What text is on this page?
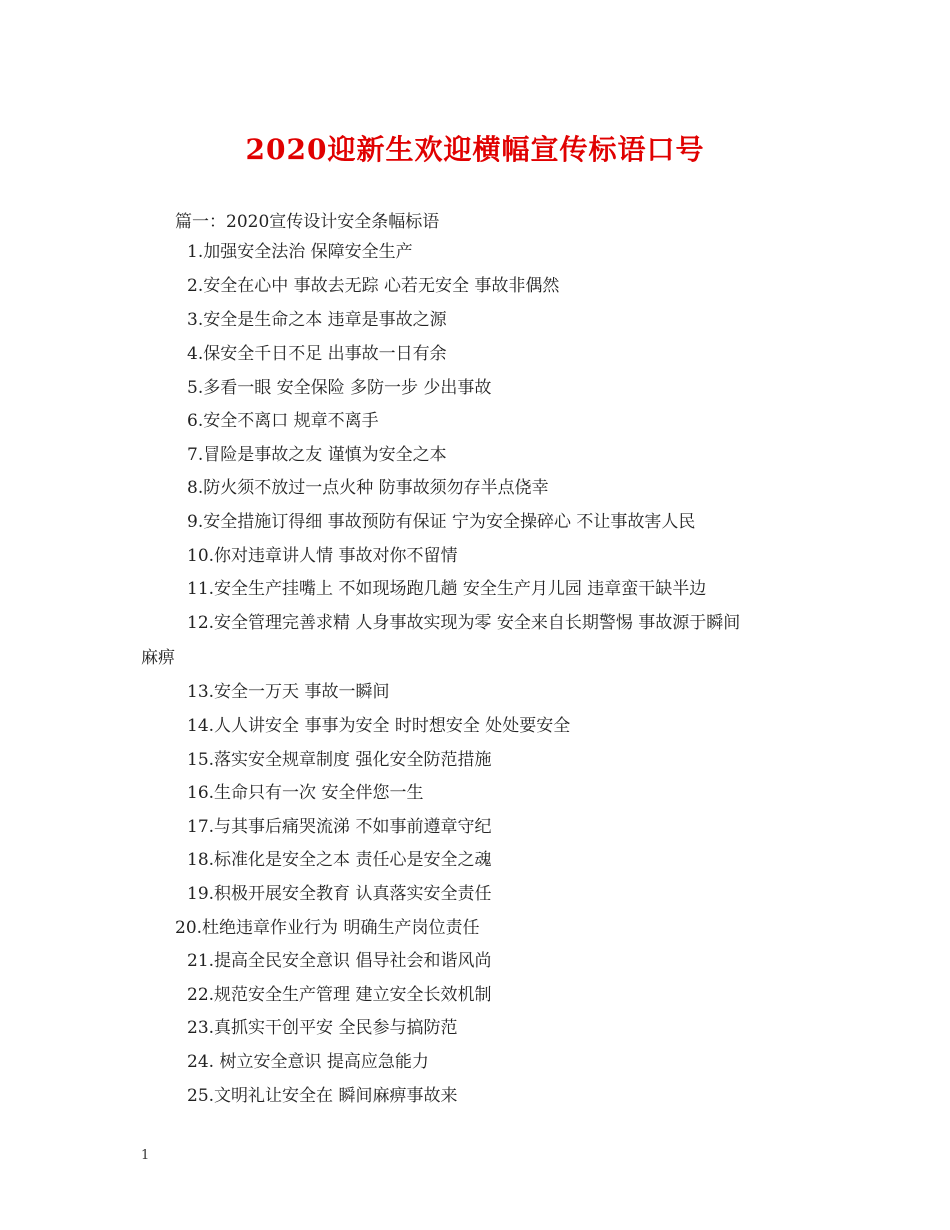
2020迎新生欢迎横幅宣传标语口号
篇一：2020宣传设计安全条幅标语
1.加强安全法治 保障安全生产
2.安全在心中 事故去无踪 心若无安全 事故非偶然
3.安全是生命之本 违章是事故之源
4.保安全千日不足 出事故一日有余
5.多看一眼 安全保险 多防一步 少出事故
6.安全不离口 规章不离手
7.冒险是事故之友 谨慎为安全之本
8.防火须不放过一点火种 防事故须勿存半点侥幸
9.安全措施订得细 事故预防有保证 宁为安全操碎心 不让事故害人民
10.你对违章讲人情 事故对你不留情
11.安全生产挂嘴上 不如现场跑几趟 安全生产月儿园 违章蛮干缺半边
12.安全管理完善求精 人身事故实现为零 安全来自长期警惕 事故源于瞬间
麻痹
13.安全一万天 事故一瞬间
14.人人讲安全 事事为安全 时时想安全 处处要安全
15.落实安全规章制度 强化安全防范措施
16.生命只有一次 安全伴您一生
17.与其事后痛哭流涕 不如事前遵章守纪
18.标准化是安全之本 责任心是安全之魂
19.积极开展安全教育 认真落实安全责任
20.杜绝违章作业行为 明确生产岗位责任
21.提高全民安全意识 倡导社会和谐风尚
22.规范安全生产管理 建立安全长效机制
23.真抓实干创平安 全民参与搞防范
24. 树立安全意识 提高应急能力
25.文明礼让安全在 瞬间麻痹事故来
1
